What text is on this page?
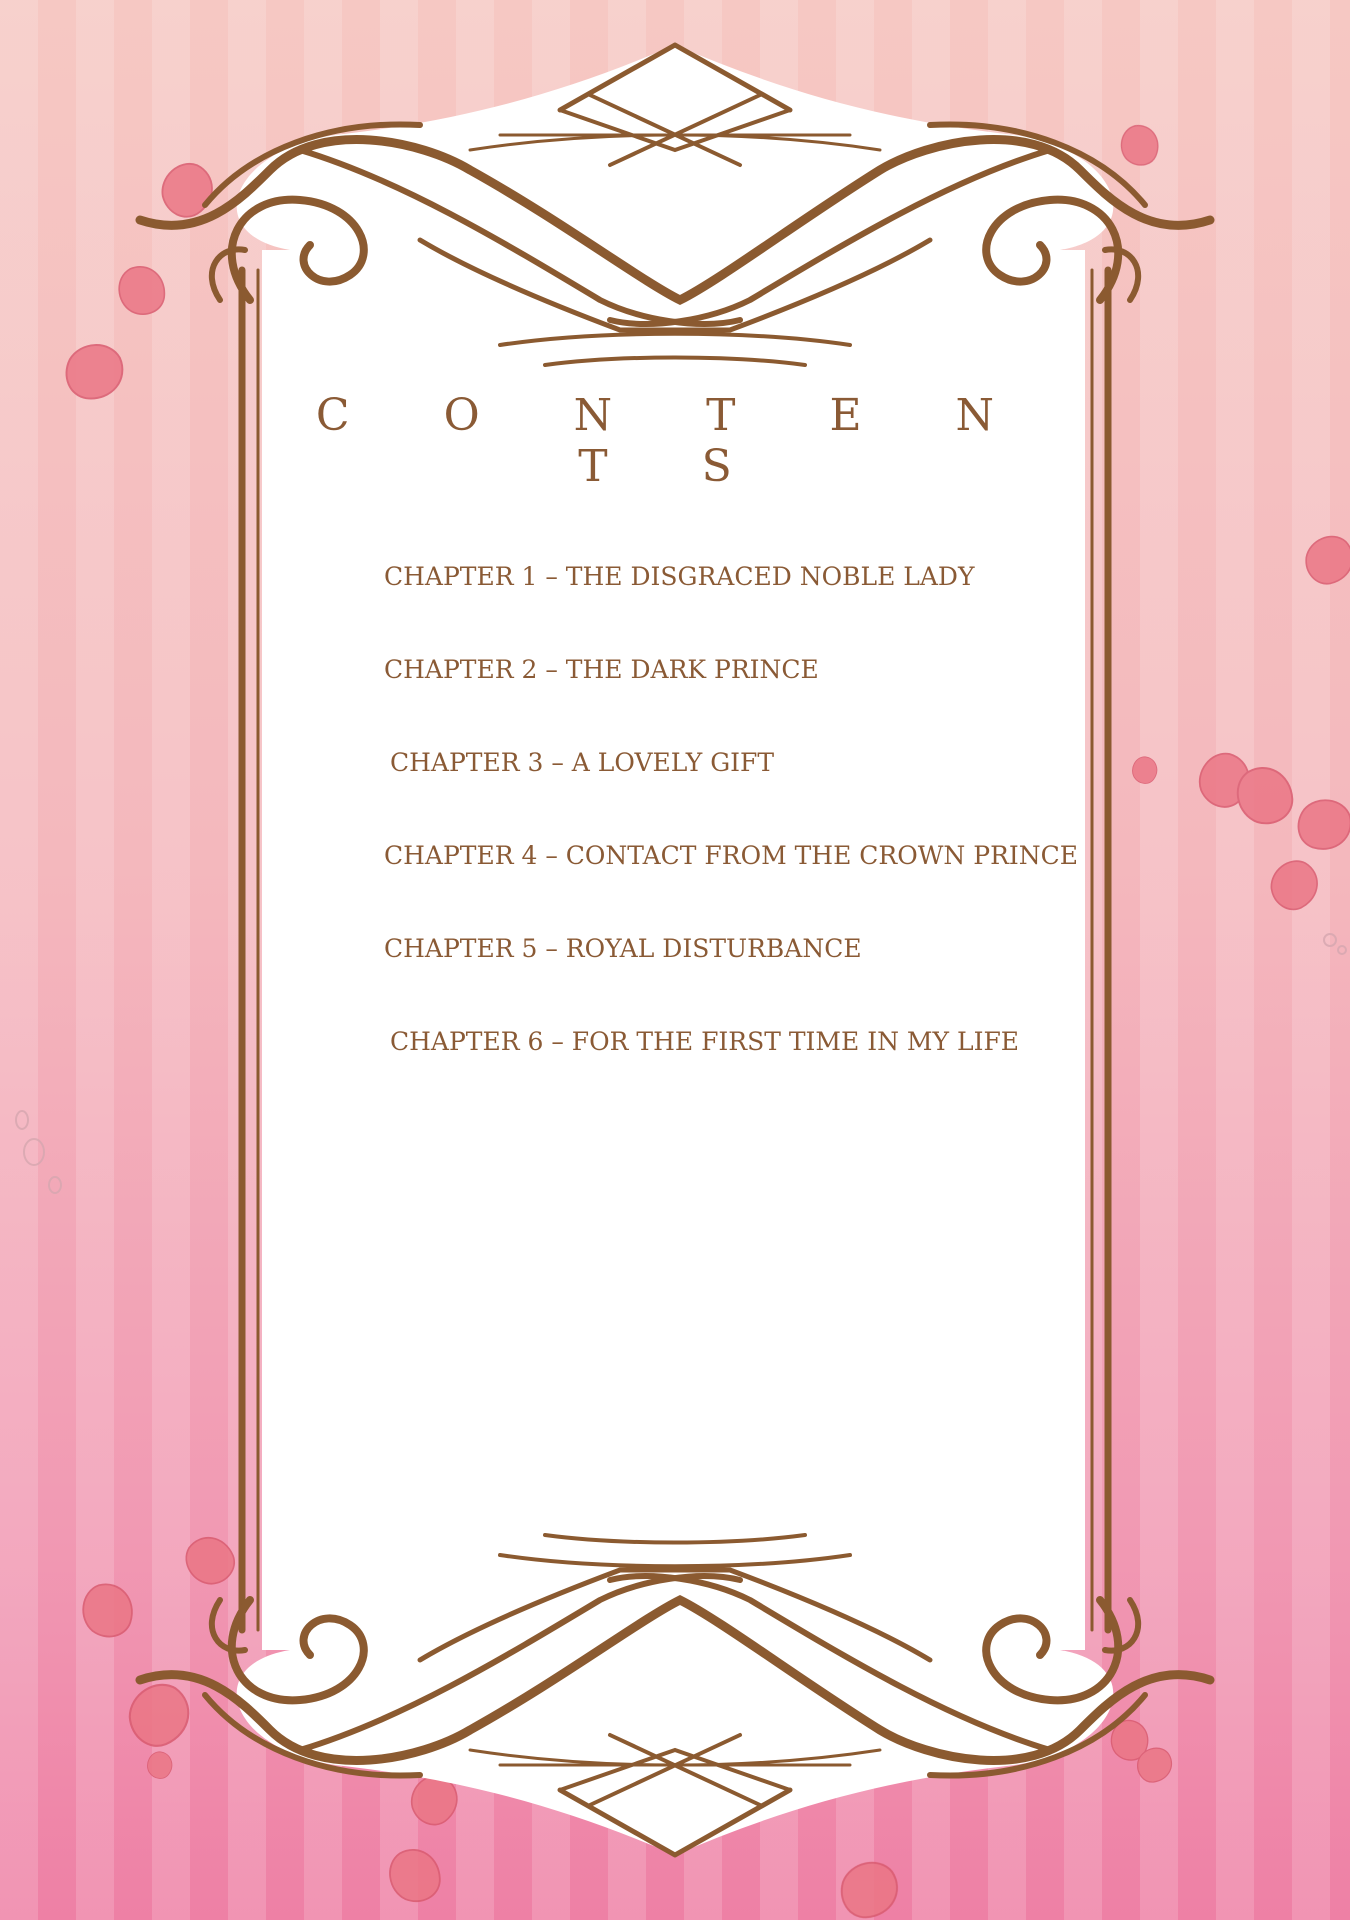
C O N T E N T S
CHAPTER 1 – THE DISGRACED NOBLE LADY
CHAPTER 2 – THE DARK PRINCE
CHAPTER 3 – A LOVELY GIFT
CHAPTER 4 – CONTACT FROM THE CROWN PRINCE
CHAPTER 5 – ROYAL DISTURBANCE
CHAPTER 6 – FOR THE FIRST TIME IN MY LIFE
